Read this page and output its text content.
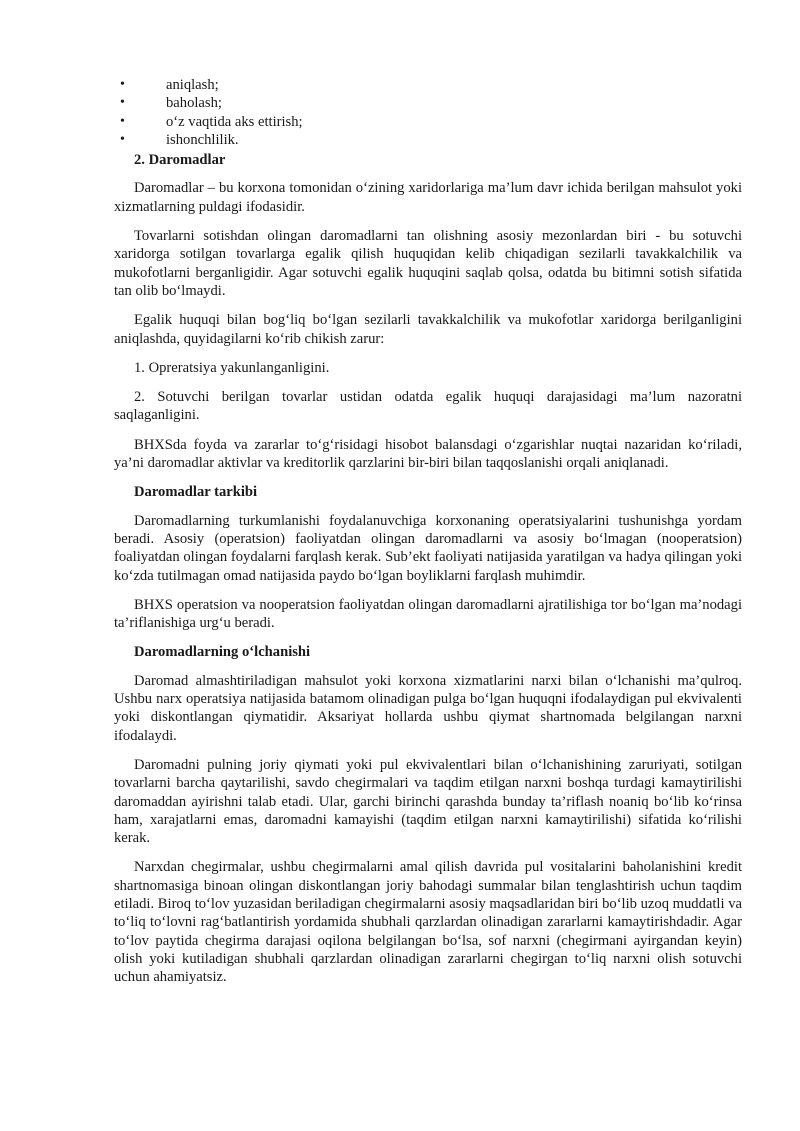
•	aniqlash;
•	baholash;
•	o‘z vaqtida aks ettirish;
•	ishonchlilik.
2. Daromadlar

Daromadlar – bu korxona tomonidan o‘zining xaridorlariga ma’lum davr ichida berilgan mahsulot yoki xizmatlarning puldagi ifodasidir.

Tovarlarni sotishdan olingan daromadlarni tan olishning asosiy mezonlardan biri - bu sotuvchi xaridorga sotilgan tovarlarga egalik qilish huquqidan kelib chiqadigan sezilarli tavakkalchilik va mukofotlarni berganligidir. Agar sotuvchi egalik huquqini saqlab qolsa, odatda bu bitimni sotish sifatida tan olib bo‘lmaydi.

Egalik huquqi bilan bog‘liq bo‘lgan sezilarli tavakkalchilik va mukofotlar xaridorga berilganligini aniqlashda, quyidagilarni ko‘rib chikish zarur:

1. Opreratsiya yakunlanganligini.

2. Sotuvchi berilgan tovarlar ustidan odatda egalik huquqi darajasidagi ma’lum nazoratni saqlaganligini.

BHXSda foyda va zararlar to‘g‘risidagi hisobot balansdagi o‘zgarishlar nuqtai nazaridan ko‘riladi, ya’ni daromadlar aktivlar va kreditorlik qarzlarini bir-biri bilan taqqoslanishi orqali aniqlanadi.

Daromadlar tarkibi

Daromadlarning turkumlanishi foydalanuvchiga korxonaning operatsiyalarini tushunishga yordam beradi. Asosiy (operatsion) faoliyatdan olingan daromadlarni va asosiy bo‘lmagan (nooperatsion) foaliyatdan olingan foydalarni farqlash kerak. Sub’ekt faoliyati natijasida yaratilgan va hadya qilingan yoki ko‘zda tutilmagan omad natijasida paydo bo‘lgan boyliklarni farqlash muhimdir.

BHXS operatsion va nooperatsion faoliyatdan olingan daromadlarni ajratilishiga tor bo‘lgan ma’nodagi ta’riflanishiga urg‘u beradi.

Daromadlarning o‘lchanishi

Daromad almashtiriladigan mahsulot yoki korxona xizmatlarini narxi bilan o‘lchanishi ma’qulroq. Ushbu narx operatsiya natijasida batamom olinadigan pulga bo‘lgan huquqni ifodalaydigan pul ekvivalenti yoki diskontlangan qiymatidir. Aksariyat hollarda ushbu qiymat shartnomada belgilangan narxni ifodalaydi.

Daromadni pulning joriy qiymati yoki pul ekvivalentlari bilan o‘lchanishining zaruriyati, sotilgan tovarlarni barcha qaytarilishi, savdo chegirmalari va taqdim etilgan narxni boshqa turdagi kamaytirilishi daromaddan ayirishni talab etadi. Ular, garchi birinchi qarashda bunday ta’riflash noaniq bo‘lib ko‘rinsa ham, xarajatlarni emas, daromadni kamayishi (taqdim etilgan narxni kamaytirilishi) sifatida ko‘rilishi kerak.

Narxdan chegirmalar, ushbu chegirmalarni amal qilish davrida pul vositalarini baholanishini kredit shartnomasiga binoan olingan diskontlangan joriy bahodagi summalar bilan tenglashtirish uchun taqdim etiladi. Biroq to‘lov yuzasidan beriladigan chegirmalarni asosiy maqsadlaridan biri bo‘lib uzoq muddatli va to‘liq to‘lovni rag‘batlantirish yordamida shubhali qarzlardan olinadigan zararlarni kamaytirishdadir. Agar to‘lov paytida chegirma darajasi oqilona belgilangan bo‘lsa, sof narxni (chegirmani ayirgandan keyin) olish yoki kutiladigan shubhali qarzlardan olinadigan zararlarni chegirgan to‘liq narxni olish sotuvchi uchun ahamiyatsiz.
